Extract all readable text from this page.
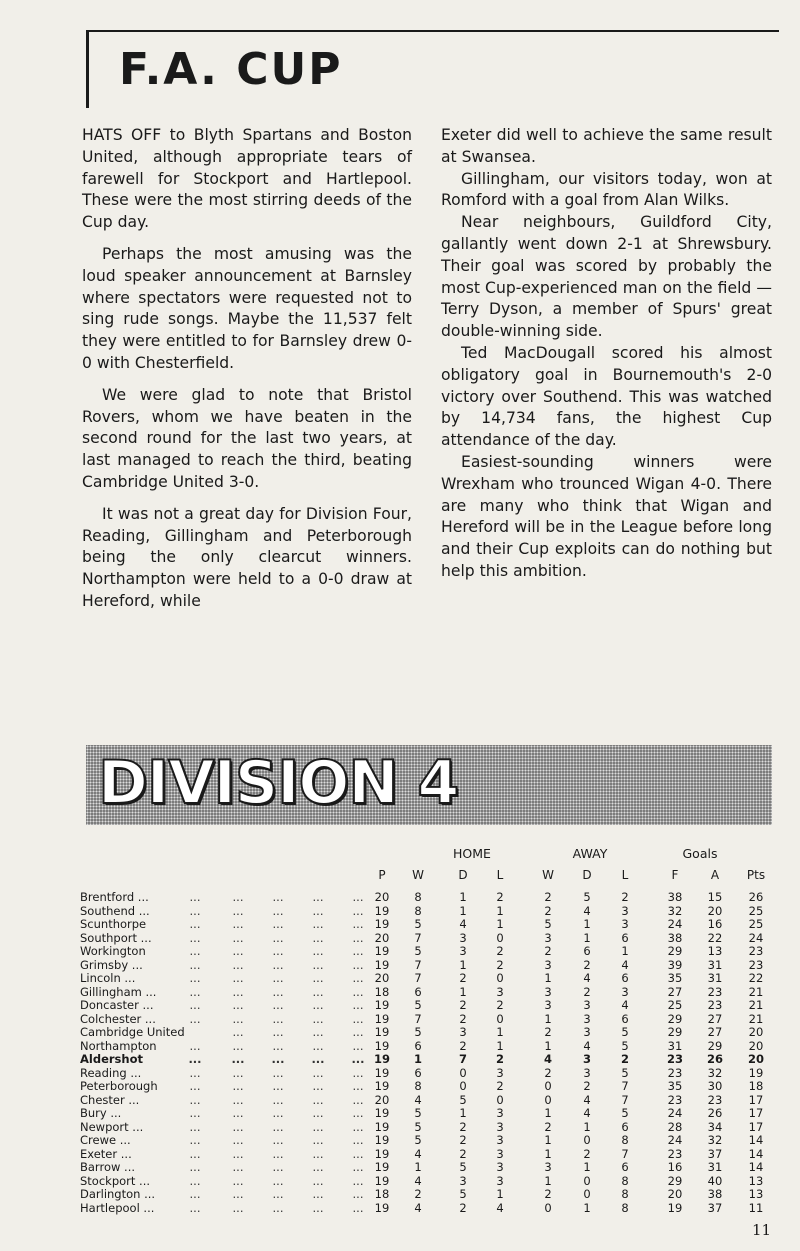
F.A. CUP

HATS OFF to Blyth Spartans and Boston United, although appropriate tears of farewell for Stockport and Hartlepool. These were the most stirring deeds of the Cup day.

Perhaps the most amusing was the loud speaker announcement at Barnsley where spectators were requested not to sing rude songs. Maybe the 11,537 felt they were entitled to for Barnsley drew 0-0 with Chesterfield.

We were glad to note that Bristol Rovers, whom we have beaten in the second round for the last two years, at last managed to reach the third, beating Cambridge United 3-0.

It was not a great day for Division Four, Reading, Gillingham and Peterborough being the only clearcut winners. Northampton were held to a 0-0 draw at Hereford, while

Exeter did well to achieve the same result at Swansea.

Gillingham, our visitors today, won at Romford with a goal from Alan Wilks.

Near neighbours, Guildford City, gallantly went down 2-1 at Shrewsbury. Their goal was scored by probably the most Cup-experienced man on the field — Terry Dyson, a member of Spurs' great double-winning side.

Ted MacDougall scored his almost obligatory goal in Bournemouth's 2-0 victory over Southend. This was watched by 14,734 fans, the highest Cup attendance of the day.

Easiest-sounding winners were Wrexham who trounced Wigan 4-0. There are many who think that Wigan and Hereford will be in the League before long and their Cup exploits can do nothing but help this ambition.

DIVISION 4
HOME	AWAY	Goals
P	W	D	L	W	D	L	F	A	Pts
Brentford ...	...	...	...	...	... 20	8	1	2	2	5	2	38	15	26
Southend ...	...	...	...	...	... 19	8	1	1	2	4	3	32	20	25
Scunthorpe	...	...	...	...	... 19	5	4	1	5	1	3	24	16	25
Southport ...	...	...	...	...	... 20	7	3	0	3	1	6	38	22	24
Workington	...	...	...	...	... 19	5	3	2	2	6	1	29	13	23
Grimsby ...	...	...	...	...	... 19	7	1	2	3	2	4	39	31	23
Lincoln ...	...	...	...	...	... 20	7	2	0	1	4	6	35	31	22
Gillingham ...	...	...	...	...	... 18	6	1	3	3	2	3	27	23	21
Doncaster ...	...	...	...	...	... 19	5	2	2	3	3	4	25	23	21
Colchester ...	...	...	...	...	... 19	7	2	0	1	3	6	29	27	21
Cambridge United	...	...	...	... 19	5	3	1	2	3	5	29	27	20
Northampton	...	...	...	...	... 19	6	2	1	1	4	5	31	29	20
Aldershot	...	...	...	...	... 19	1	7	2	4	3	2	23	26	20
Reading ...	...	...	...	...	... 19	6	0	3	2	3	5	23	32	19
Peterborough	...	...	...	...	... 19	8	0	2	0	2	7	35	30	18
Chester ...	...	...	...	...	... 20	4	5	0	0	4	7	23	23	17
Bury ...	...	...	...	...	... 19	5	1	3	1	4	5	24	26	17
Newport ...	...	...	...	...	... 19	5	2	3	2	1	6	28	34	17
Crewe ...	...	...	...	...	... 19	5	2	3	1	0	8	24	32	14
Exeter ...	...	...	...	...	... 19	4	2	3	1	2	7	23	37	14
Barrow ...	...	...	...	...	... 19	1	5	3	3	1	6	16	31	14
Stockport ...	...	...	...	...	... 19	4	3	3	1	0	8	29	40	13
Darlington ...	...	...	...	...	... 18	2	5	1	2	0	8	20	38	13
Hartlepool ...	...	...	...	...	... 19	4	2	4	0	1	8	19	37	11
11
